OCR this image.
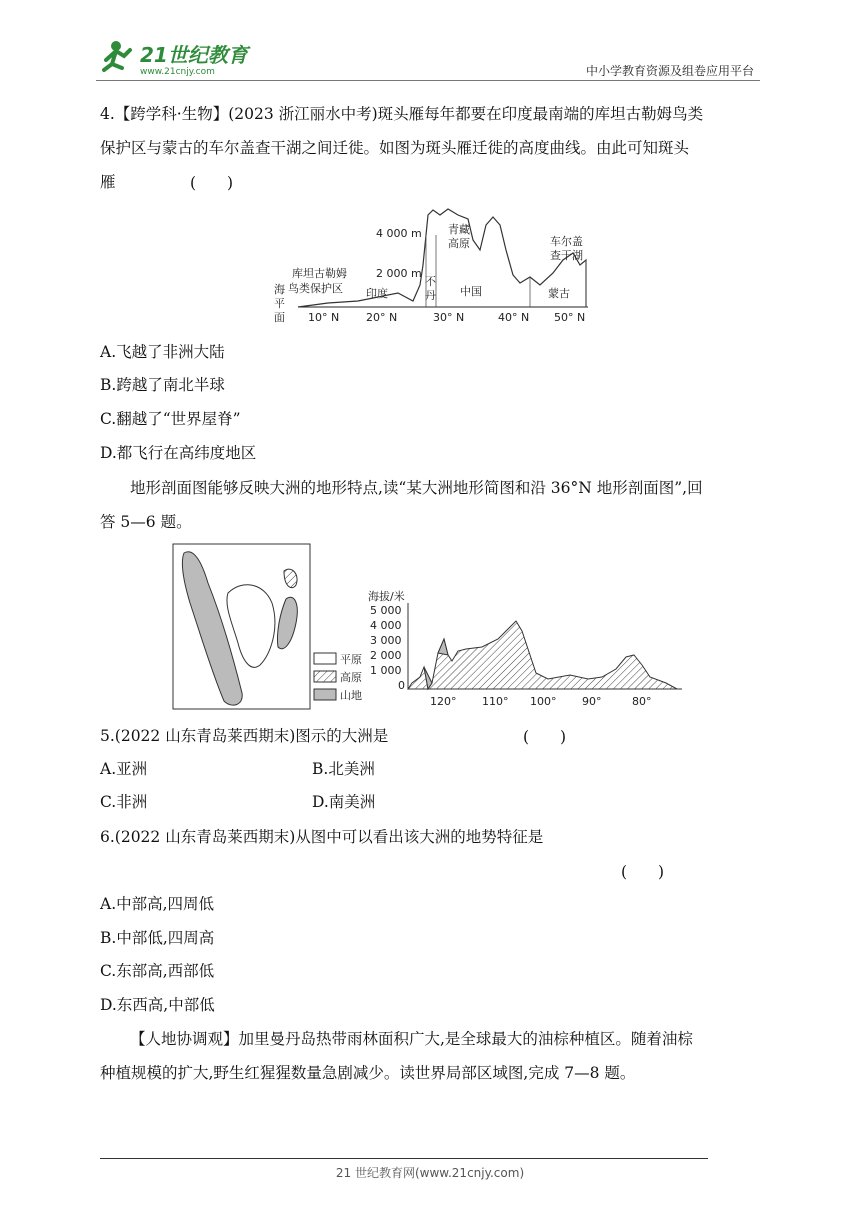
21世纪教育
www.21cnjy.com	中小学教育资源及组卷应用平台
4.【跨学科·生物】(2023 浙江丽水中考)斑头雁每年都要在印度最南端的库坦古勒姆鸟类
保护区与蒙古的车尔盖查干湖之间迁徙。如图为斑头雁迁徙的高度曲线。由此可知斑头
雁	(　　)
4 000 m
2 000 m
海
平
面 10° N 20° N	30° N	40° N 50° N
库坦古勒姆
鸟类保护区 印度
不
丹 中国	蒙古
青藏
高原	车尔盖
查干湖
A.飞越了非洲大陆
B.跨越了南北半球
C.翻越了“世界屋脊”
D.都飞行在高纬度地区
地形剖面图能够反映大洲的地形特点,读“某大洲地形简图和沿 36°N 地形剖面图”,回
答 5—6 题。
平原
高原
山地
海拔/米
5 000
4 000
3 000
2 000
1 000
0
120° 110° 100° 90°	80°
5.(2022 山东青岛莱西期末)图示的大洲是	(　　)
A.亚洲	B.北美洲
C.非洲	D.南美洲
6.(2022 山东青岛莱西期末)从图中可以看出该大洲的地势特征是
(　　)
A.中部高,四周低
B.中部低,四周高
C.东部高,西部低
D.东西高,中部低
【人地协调观】加里曼丹岛热带雨林面积广大,是全球最大的油棕种植区。随着油棕
种植规模的扩大,野生红猩猩数量急剧减少。读世界局部区域图,完成 7—8 题。
21 世纪教育网(www.21cnjy.com)
